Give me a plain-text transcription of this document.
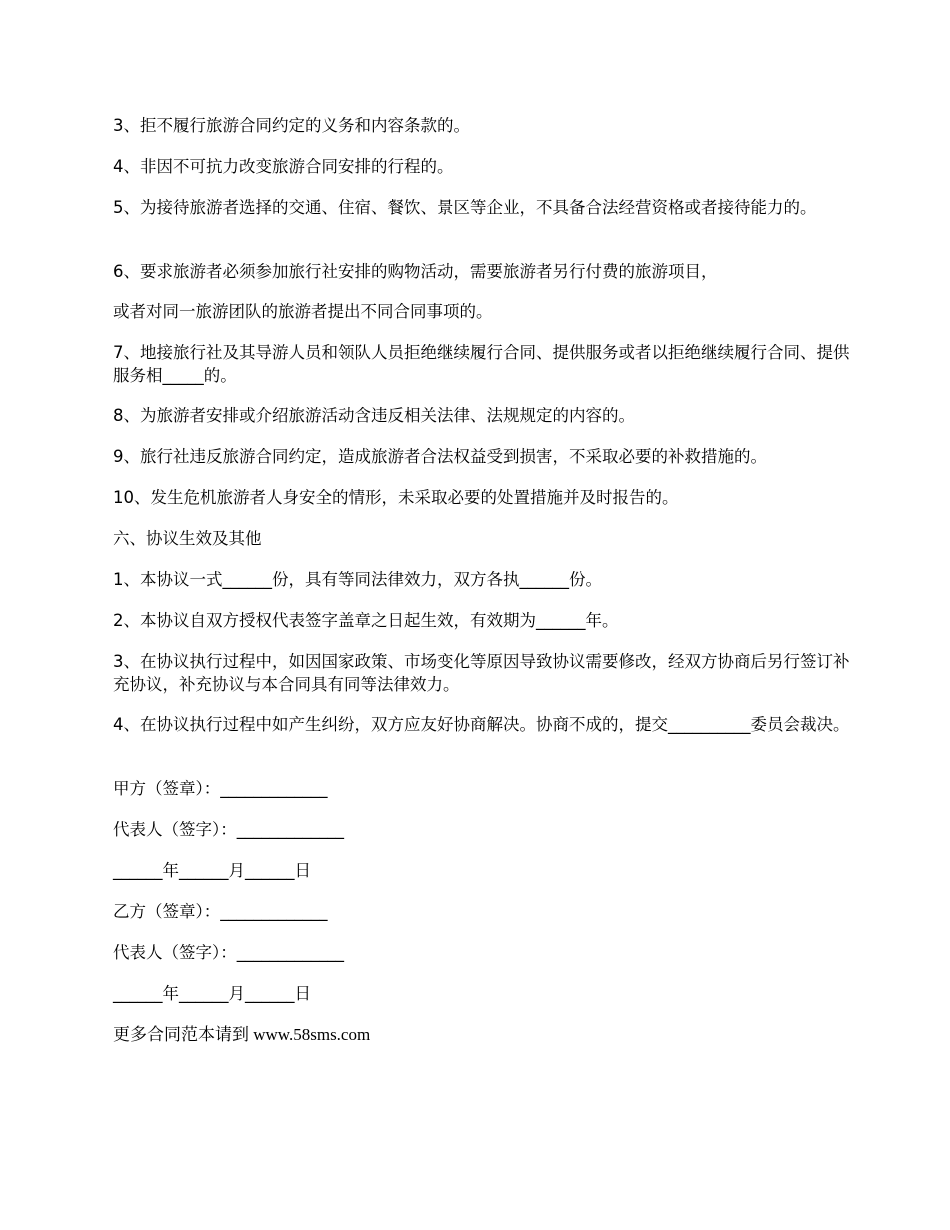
3、拒不履行旅游合同约定的义务和内容条款的。
4、非因不可抗力改变旅游合同安排的行程的。
5、为接待旅游者选择的交通、住宿、餐饮、景区等企业，不具备合法经营资格或者接待能力的。
6、要求旅游者必须参加旅行社安排的购物活动，需要旅游者另行付费的旅游项目，
或者对同一旅游团队的旅游者提出不同合同事项的。
7、地接旅行社及其导游人员和领队人员拒绝继续履行合同、提供服务或者以拒绝继续履行合同、提供服务相_____的。
8、为旅游者安排或介绍旅游活动含违反相关法律、法规规定的内容的。
9、旅行社违反旅游合同约定，造成旅游者合法权益受到损害，不采取必要的补救措施的。
10、发生危机旅游者人身安全的情形，未采取必要的处置措施并及时报告的。
六、协议生效及其他
1、本协议一式______份，具有等同法律效力，双方各执______份。
2、本协议自双方授权代表签字盖章之日起生效，有效期为______年。
3、在协议执行过程中，如因国家政策、市场变化等原因导致协议需要修改，经双方协商后另行签订补充协议，补充协议与本合同具有同等法律效力。
4、在协议执行过程中如产生纠纷，双方应友好协商解决。协商不成的，提交__________委员会裁决。
甲方（签章）：_____________
代表人（签字）：_____________
______年______月______日
乙方（签章）：_____________
代表人（签字）：_____________
______年______月______日
更多合同范本请到 www.58sms.com
